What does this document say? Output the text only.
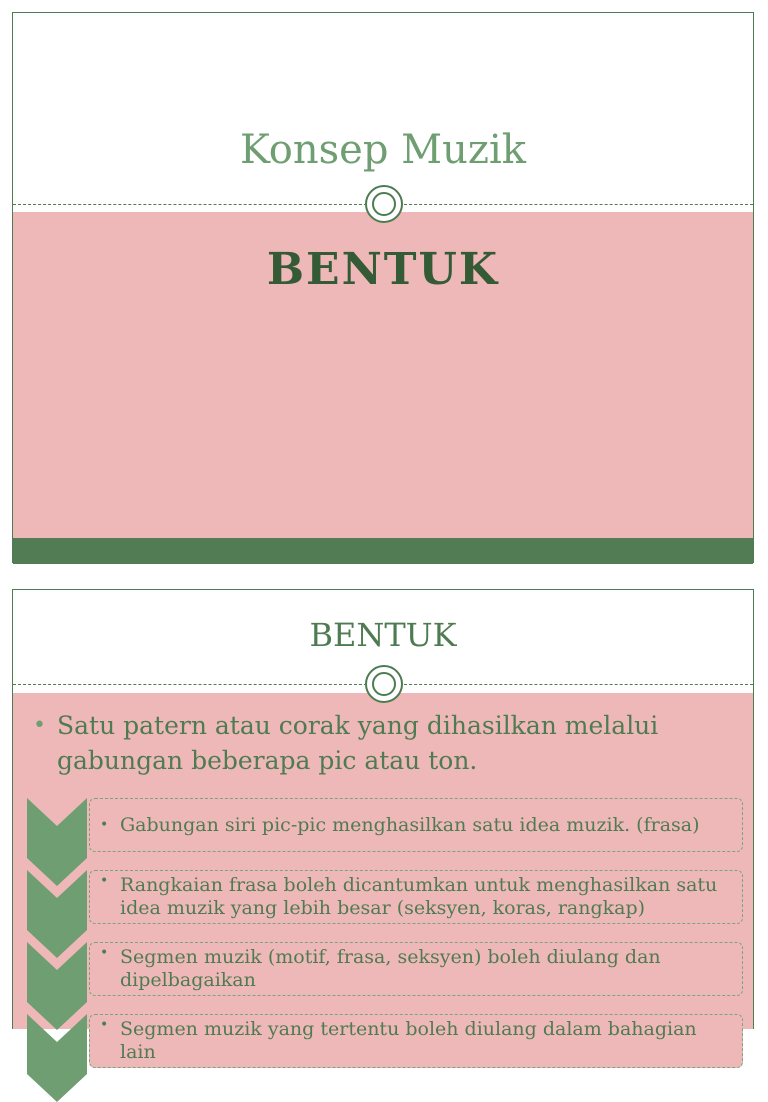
Konsep Muzik
BENTUK
BENTUK
• Satu patern atau corak yang dihasilkan melalui gabungan beberapa pic atau ton.
• Gabungan siri pic-pic menghasilkan satu idea muzik. (frasa)
• Rangkaian frasa boleh dicantumkan untuk menghasilkan satu idea muzik yang lebih besar (seksyen, koras, rangkap)
• Segmen muzik (motif, frasa, seksyen) boleh diulang dan dipelbagaikan
• Segmen muzik yang tertentu boleh diulang dalam bahagian lain
